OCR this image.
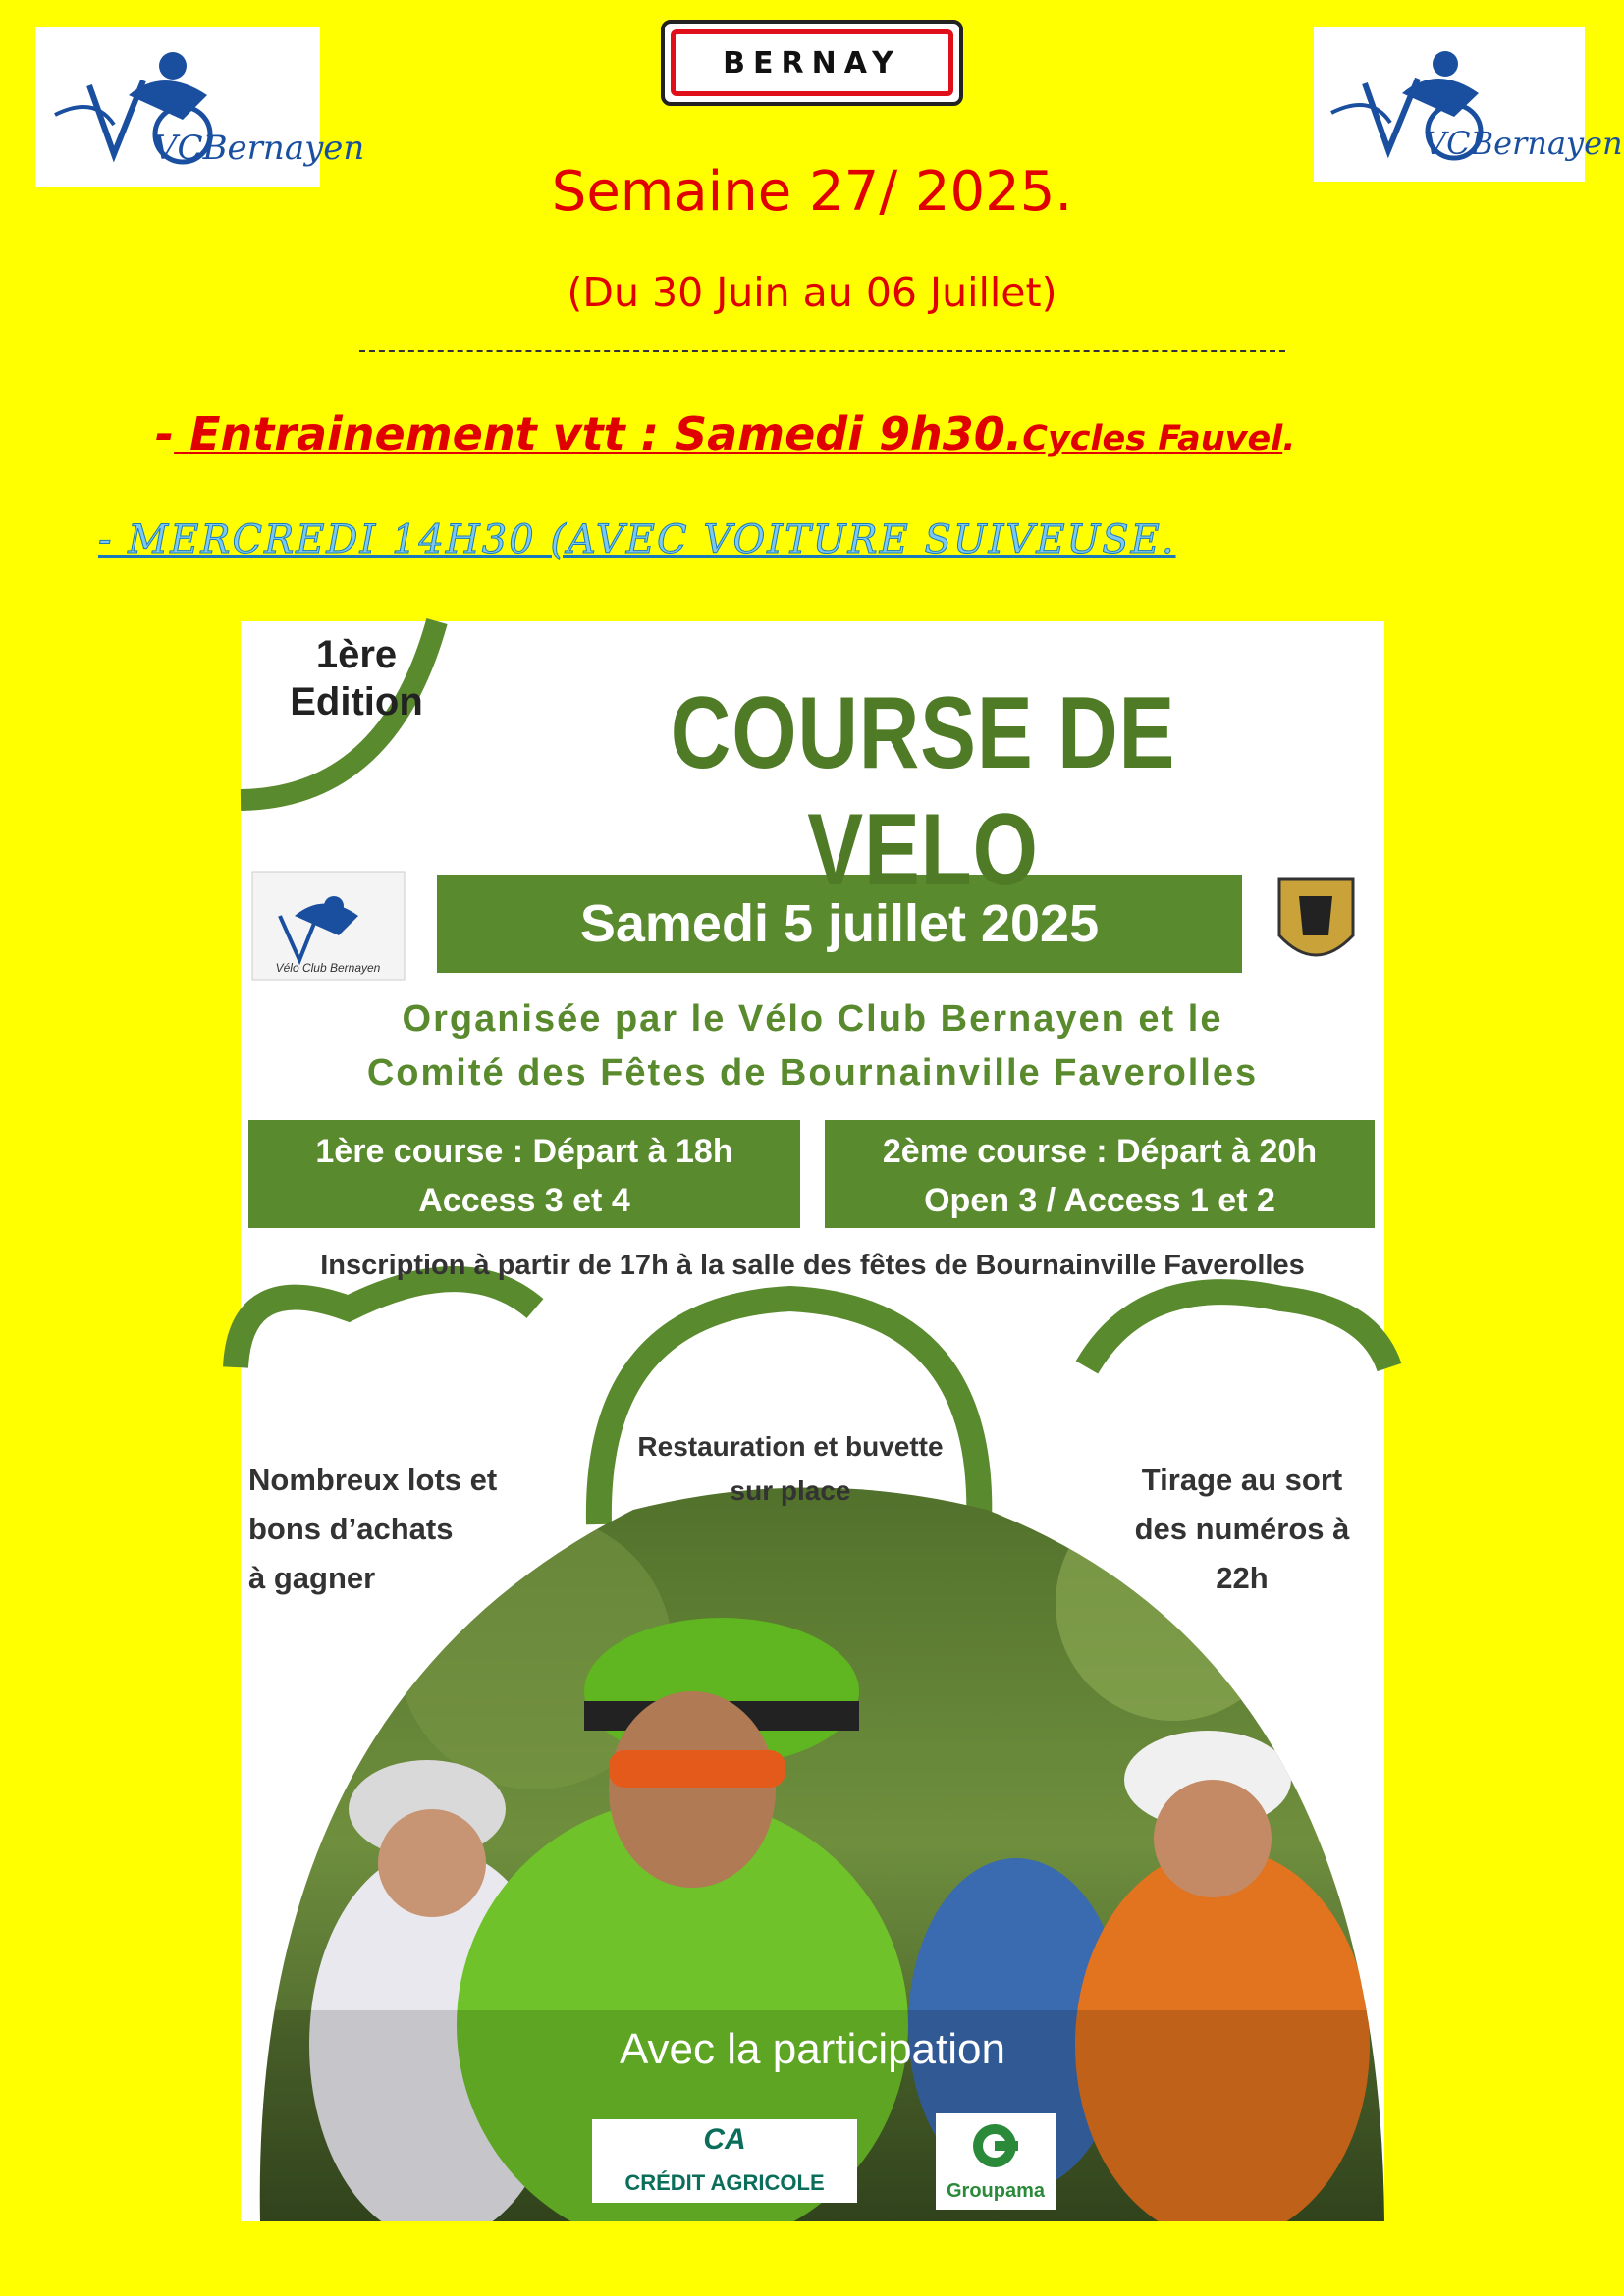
VCBernayen	VCBernayen
BERNAY
Semaine 27/ 2025.
(Du 30 Juin au 06 Juillet)
- Entrainement vtt : Samedi 9h30.Cycles Fauvel.
- MERCREDI 14H30 (AVEC VOITURE SUIVEUSE.
1ère
Edition	COURSE DE VELO
Samedi 5 juillet 2025
Vélo Club Bernayen
Organisée par le Vélo Club Bernayen et le
Comité des Fêtes de Bournainville Faverolles
1ère course : Départ à 18h
Access 3 et 4
2ème course : Départ à 20h
Open 3 / Access 1 et 2
Inscription à partir de 17h à la salle des fêtes de Bournainville Faverolles
Nombreux lots et
bons d’achats
à gagner
Restauration et buvette
sur place	Tirage au sort
des numéros à
22h
Avec la participation
CA
CRÉDIT AGRICOLE	Groupama
